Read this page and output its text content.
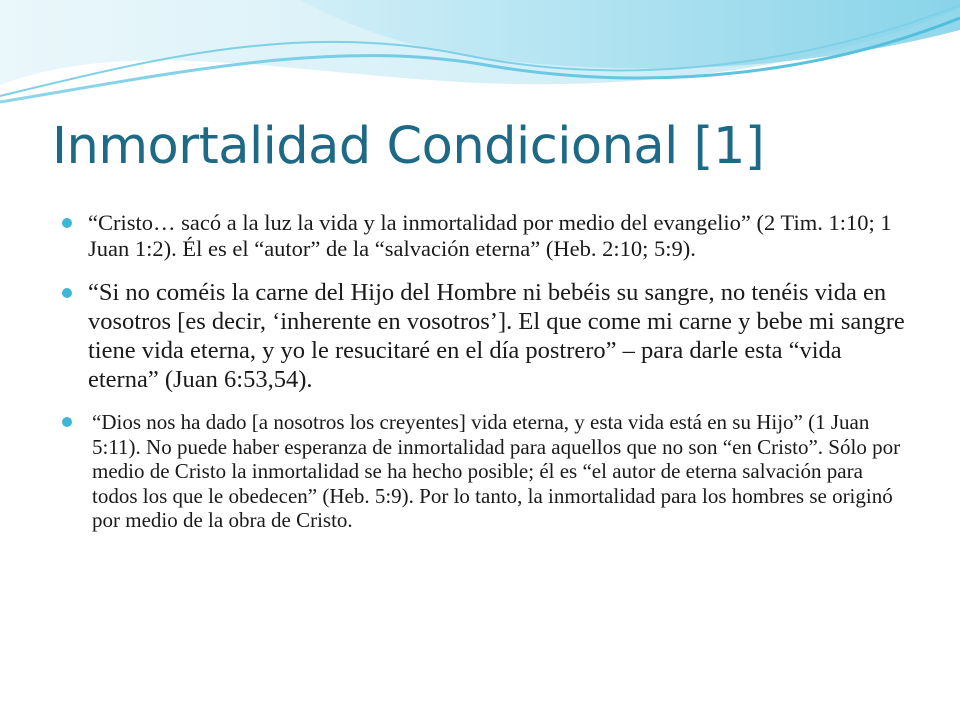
Inmortalidad Condicional [1]
“Cristo… sacó a la luz la vida y la inmortalidad por medio del evangelio” (2 Tim. 1:10; 1 Juan 1:2). Él es el “autor” de la “salvación eterna” (Heb. 2:10; 5:9).
“Si no coméis la carne del Hijo del Hombre ni bebéis su sangre, no tenéis vida en vosotros [es decir, ‘inherente en vosotros’]. El que come mi carne y bebe mi sangre tiene vida eterna, y yo le resucitaré en el día postrero” – para darle esta “vida eterna” (Juan 6:53,54).
“Dios nos ha dado [a nosotros los creyentes] vida eterna, y esta vida está en su Hijo” (1 Juan 5:11). No puede haber esperanza de inmortalidad para aquellos que no son “en Cristo”. Sólo por medio de Cristo la inmortalidad se ha hecho posible; él es “el autor de eterna salvación para todos los que le obedecen” (Heb. 5:9). Por lo tanto, la inmortalidad para los hombres se originó por medio de la obra de Cristo.
